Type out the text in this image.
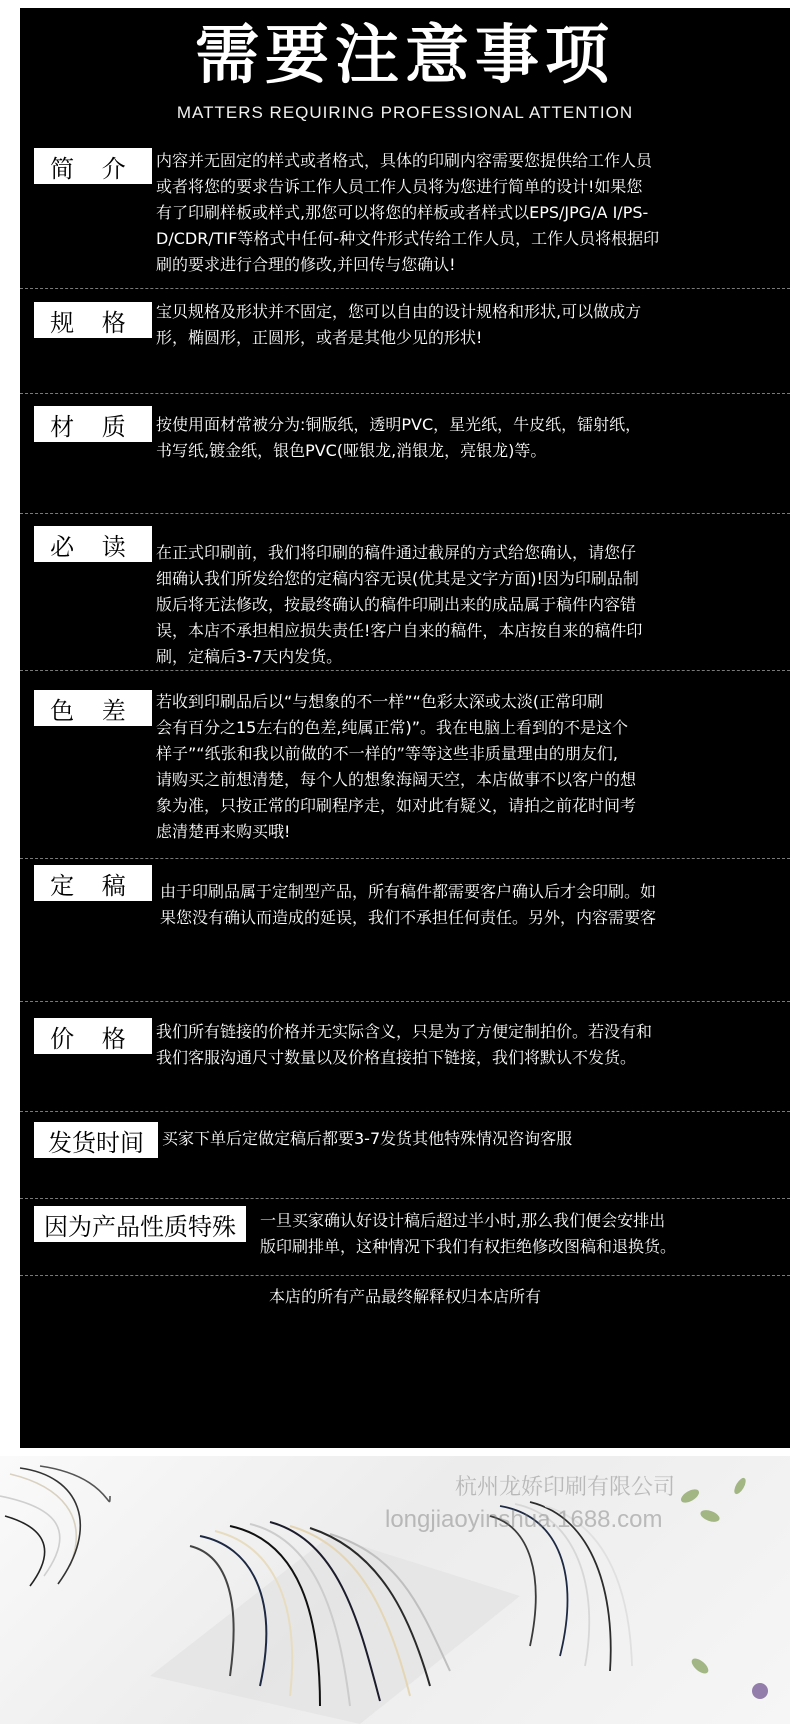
需要注意事项
MATTERS REQUIRING PROFESSIONAL ATTENTION
简 介	内容并无固定的样式或者格式，具体的印刷内容需要您提供给工作人员
或者将您的要求告诉工作人员工作人员将为您进行简单的设计!如果您
有了印刷样板或样式,那您可以将您的样板或者样式以EPS/JPG/A I/PS-
D/CDR/TIF等格式中任何-种文件形式传给工作人员，工作人员将根据印
刷的要求进行合理的修改,并回传与您确认!
规 格	宝贝规格及形状并不固定，您可以自由的设计规格和形状,可以做成方
形，椭圆形，正圆形，或者是其他少见的形状!
材 质	按使用面材常被分为:铜版纸，透明PVC，星光纸，牛皮纸，镭射纸，
书写纸,镀金纸，银色PVC(哑银龙,消银龙，亮银龙)等。
必 读	在正式印刷前，我们将印刷的稿件通过截屏的方式给您确认，请您仔
细确认我们所发给您的定稿内容无误(优其是文字方面)!因为印刷品制
版后将无法修改，按最终确认的稿件印刷出来的成品属于稿件内容错
误，本店不承担相应损失责任!客户自来的稿件，本店按自来的稿件印
刷，定稿后3-7天内发货。
色 差	若收到印刷品后以“与想象的不一样”“色彩太深或太淡(正常印刷
会有百分之15左右的色差,纯属正常)”。我在电脑上看到的不是这个
样子”“纸张和我以前做的不一样的”等等这些非质量理由的朋友们,
请购买之前想清楚，每个人的想象海阔天空，本店做事不以客户的想
象为准，只按正常的印刷程序走，如对此有疑义，请拍之前花时间考
虑清楚再来购买哦!
定 稿	由于印刷品属于定制型产品，所有稿件都需要客户确认后才会印刷。如
果您没有确认而造成的延误，我们不承担任何责任。另外，内容需要客
价 格	我们所有链接的价格并无实际含义，只是为了方便定制拍价。若没有和
我们客服沟通尺寸数量以及价格直接拍下链接，我们将默认不发货。
发货时间	买家下单后定做定稿后都要3-7发货其他特殊情况咨询客服
因为产品性质特殊	一旦买家确认好设计稿后超过半小时,那么我们便会安排出
版印刷排单，这种情况下我们有权拒绝修改图稿和退换货。
本店的所有产品最终解释权归本店所有
杭州龙娇印刷有限公司
longjiaoyinshua.1688.com
